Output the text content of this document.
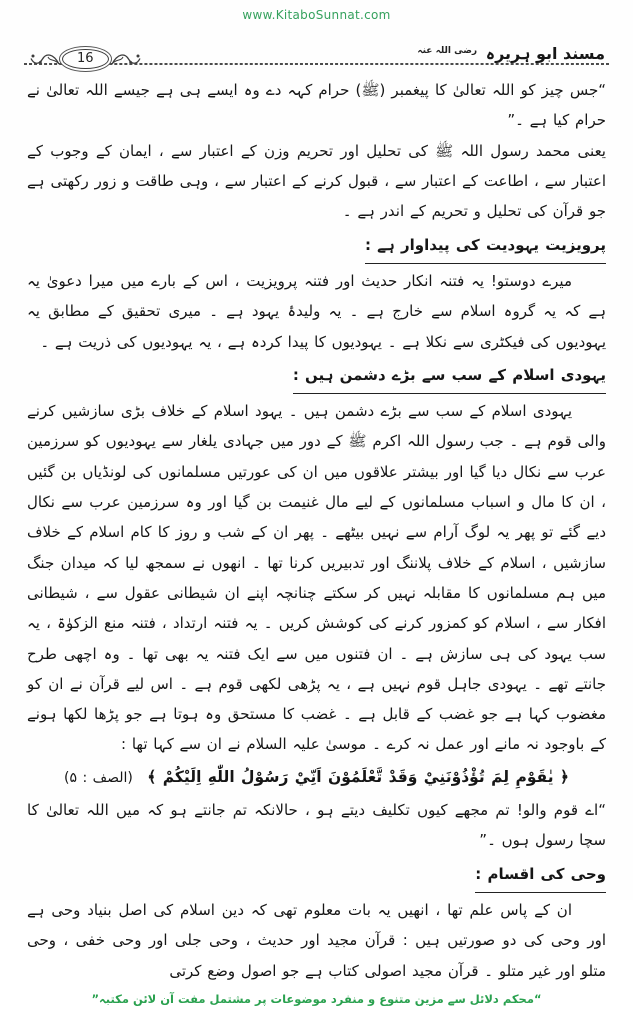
www.KitaboSunnat.com
16	مسند ابو ہریرہ $^{رضی اللہ عنہ}$

“جس چیز کو اللہ تعالیٰ کا پیغمبر (ﷺ) حرام کہہ دے وہ ایسے ہی ہے جیسے اللہ تعالیٰ نے حرام کیا ہے ۔”

یعنی محمد رسول اللہ ﷺ کی تحلیل اور تحریم وزن کے اعتبار سے ، ایمان کے وجوب کے اعتبار سے ، اطاعت کے اعتبار سے ، قبول کرنے کے اعتبار سے ، وہی طاقت و زور رکھتی ہے جو قرآن کی تحلیل و تحریم کے اندر ہے ۔

پرویزیت یہودیت کی پیداوار ہے :

میرے دوستو! یہ فتنہ انکار حدیث اور فتنہ پرویزیت ، اس کے بارے میں میرا دعویٰ یہ ہے کہ یہ گروہ اسلام سے خارج ہے ۔ یہ ولیدۂ یہود ہے ۔ میری تحقیق کے مطابق یہ یہودیوں کی فیکٹری سے نکلا ہے ۔ یہودیوں کا پیدا کردہ ہے ، یہ یہودیوں کی ذریت ہے ۔

یہودی اسلام کے سب سے بڑے دشمن ہیں :

یہودی اسلام کے سب سے بڑے دشمن ہیں ۔ یہود اسلام کے خلاف بڑی سازشیں کرنے والی قوم ہے ۔ جب رسول اللہ اکرم ﷺ کے دور میں جہادی یلغار سے یہودیوں کو سرزمین عرب سے نکال دیا گیا اور بیشتر علاقوں میں ان کی عورتیں مسلمانوں کی لونڈیاں بن گئیں ، ان کا مال و اسباب مسلمانوں کے لیے مال غنیمت بن گیا اور وہ سرزمین عرب سے نکال دیے گئے تو پھر یہ لوگ آرام سے نہیں بیٹھے ۔ پھر ان کے شب و روز کا کام اسلام کے خلاف سازشیں ، اسلام کے خلاف پلاننگ اور تدبیریں کرنا تھا ۔ انھوں نے سمجھ لیا کہ میدان جنگ میں ہم مسلمانوں کا مقابلہ نہیں کر سکتے چنانچہ اپنے ان شیطانی عقول سے ، شیطانی افکار سے ، اسلام کو کمزور کرنے کی کوشش کریں ۔ یہ فتنہ ارتداد ، فتنہ منع الزکوٰۃ ، یہ سب یہود کی ہی سازش ہے ۔ ان فتنوں میں سے ایک فتنہ یہ بھی تھا ۔ وہ اچھی طرح جانتے تھے ۔ یہودی جاہل قوم نہیں ہے ، یہ پڑھی لکھی قوم ہے ۔ اس لیے قرآن نے ان کو مغضوب کہا ہے جو غضب کے قابل ہے ۔ غضب کا مستحق وہ ہوتا ہے جو پڑھا لکھا ہونے کے باوجود نہ مانے اور عمل نہ کرے ۔ موسیٰ علیہ السلام نے ان سے کہا تھا :

﴿ يٰقَوْمِ لِمَ تُؤْذُوْنَنِيْ وَقَدْ تَّعْلَمُوْنَ اَنِّيْ رَسُوْلُ اللّٰهِ اِلَيْكُمْ ﴾ (الصف : ۵)

“اے قوم والو! تم مجھے کیوں تکلیف دیتے ہو ، حالانکہ تم جانتے ہو کہ میں اللہ تعالیٰ کا سچا رسول ہوں ۔”

وحی کی اقسام :

ان کے پاس علم تھا ، انھیں یہ بات معلوم تھی کہ دین اسلام کی اصل بنیاد وحی ہے اور وحی کی دو صورتیں ہیں : قرآن مجید اور حدیث ، وحی جلی اور وحی خفی ، وحی متلو اور غیر متلو ۔ قرآن مجید اصولی کتاب ہے جو اصول وضع کرتی

“محکم دلائل سے مزین متنوع و منفرد موضوعات پر مشتمل مفت آن لائن مکتبہ”
